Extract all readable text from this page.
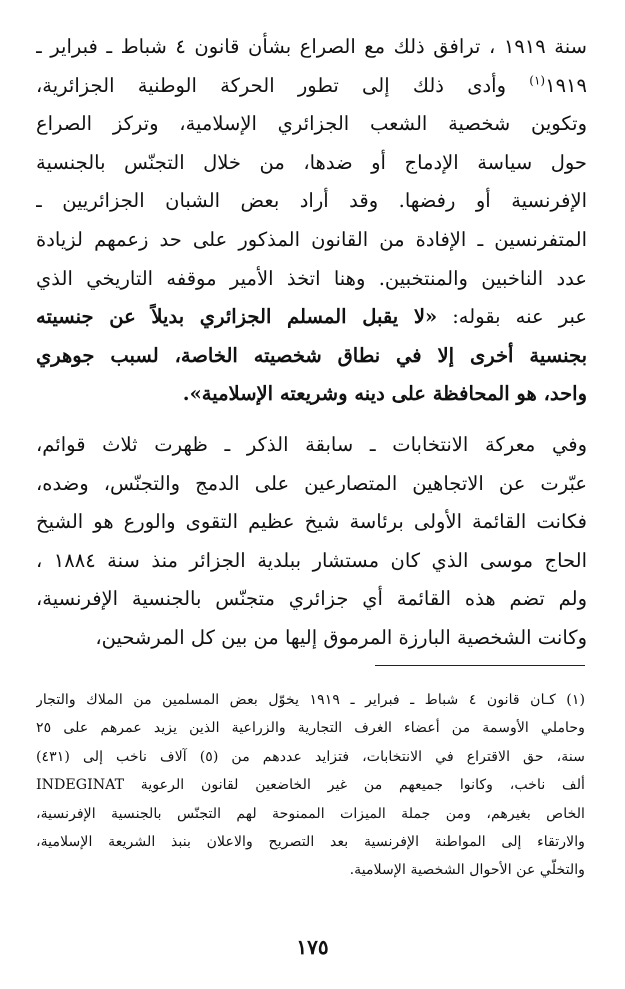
سنة ١٩١٩ ، ترافق ذلك مع الصراع بشأن قانون ٤ شباط ـ فبراير ـ
١٩١٩$^{(١)}$ وأدى ذلك إلى تطور الحركة الوطنية الجزائرية،
وتكوين شخصية الشعب الجزائري الإسلامية، وتركز الصراع
حول سياسة الإدماج أو ضدها، من خلال التجنّس بالجنسية
الإفرنسية أو رفضها. وقد أراد بعض الشبان الجزائريين ـ
المتفرنسين ـ الإفادة من القانون المذكور على حد زعمهم لزيادة
عدد الناخبين والمنتخبين. وهنا اتخذ الأمير موقفه التاريخي الذي
عبر عنه بقوله: «لا يقبل المسلم الجزائري بديلاً عن جنسيته
بجنسية أخرى إلا في نطاق شخصيته الخاصة، لسبب جوهري
واحد، هو المحافظة على دينه وشريعته الإسلامية».

وفي معركة الانتخابات ـ سابقة الذكر ـ ظهرت ثلاث قوائم،
عبّرت عن الاتجاهين المتصارعين على الدمج والتجنّس، وضده،
فكانت القائمة الأولى برئاسة شيخ عظيم التقوى والورع هو الشيخ
الحاج موسى الذي كان مستشار ببلدية الجزائر منذ سنة ١٨٨٤ ،
ولم تضم هذه القائمة أي جزائري متجنّس بالجنسية الإفرنسية،
وكانت الشخصية البارزة المرموق إليها من بين كل المرشحين،

(١) كـان قانون ٤ شباط ـ فبراير ـ ١٩١٩ يخوّل بعض المسلمين من الملاك والتجار
وحاملي الأوسمة من أعضاء الغرف التجارية والزراعية الذين يزيد عمرهم على ٢٥
سنة، حق الاقتراع في الانتخابات، فتزايد عددهم من (٥) آلاف ناخب إلى (٤٣١)
ألف ناخب، وكانوا جميعهم من غير الخاضعين لقانون الرعوية INDEGINAT
الخاص بغيرهم، ومن جملة الميزات الممنوحة لهم التجنّس بالجنسية الإفرنسية،
والارتقاء إلى المواطنة الإفرنسية بعد التصريح والاعلان بنبذ الشريعة الإسلامية،
والتخلّي عن الأحوال الشخصية الإسلامية.
١٧٥
